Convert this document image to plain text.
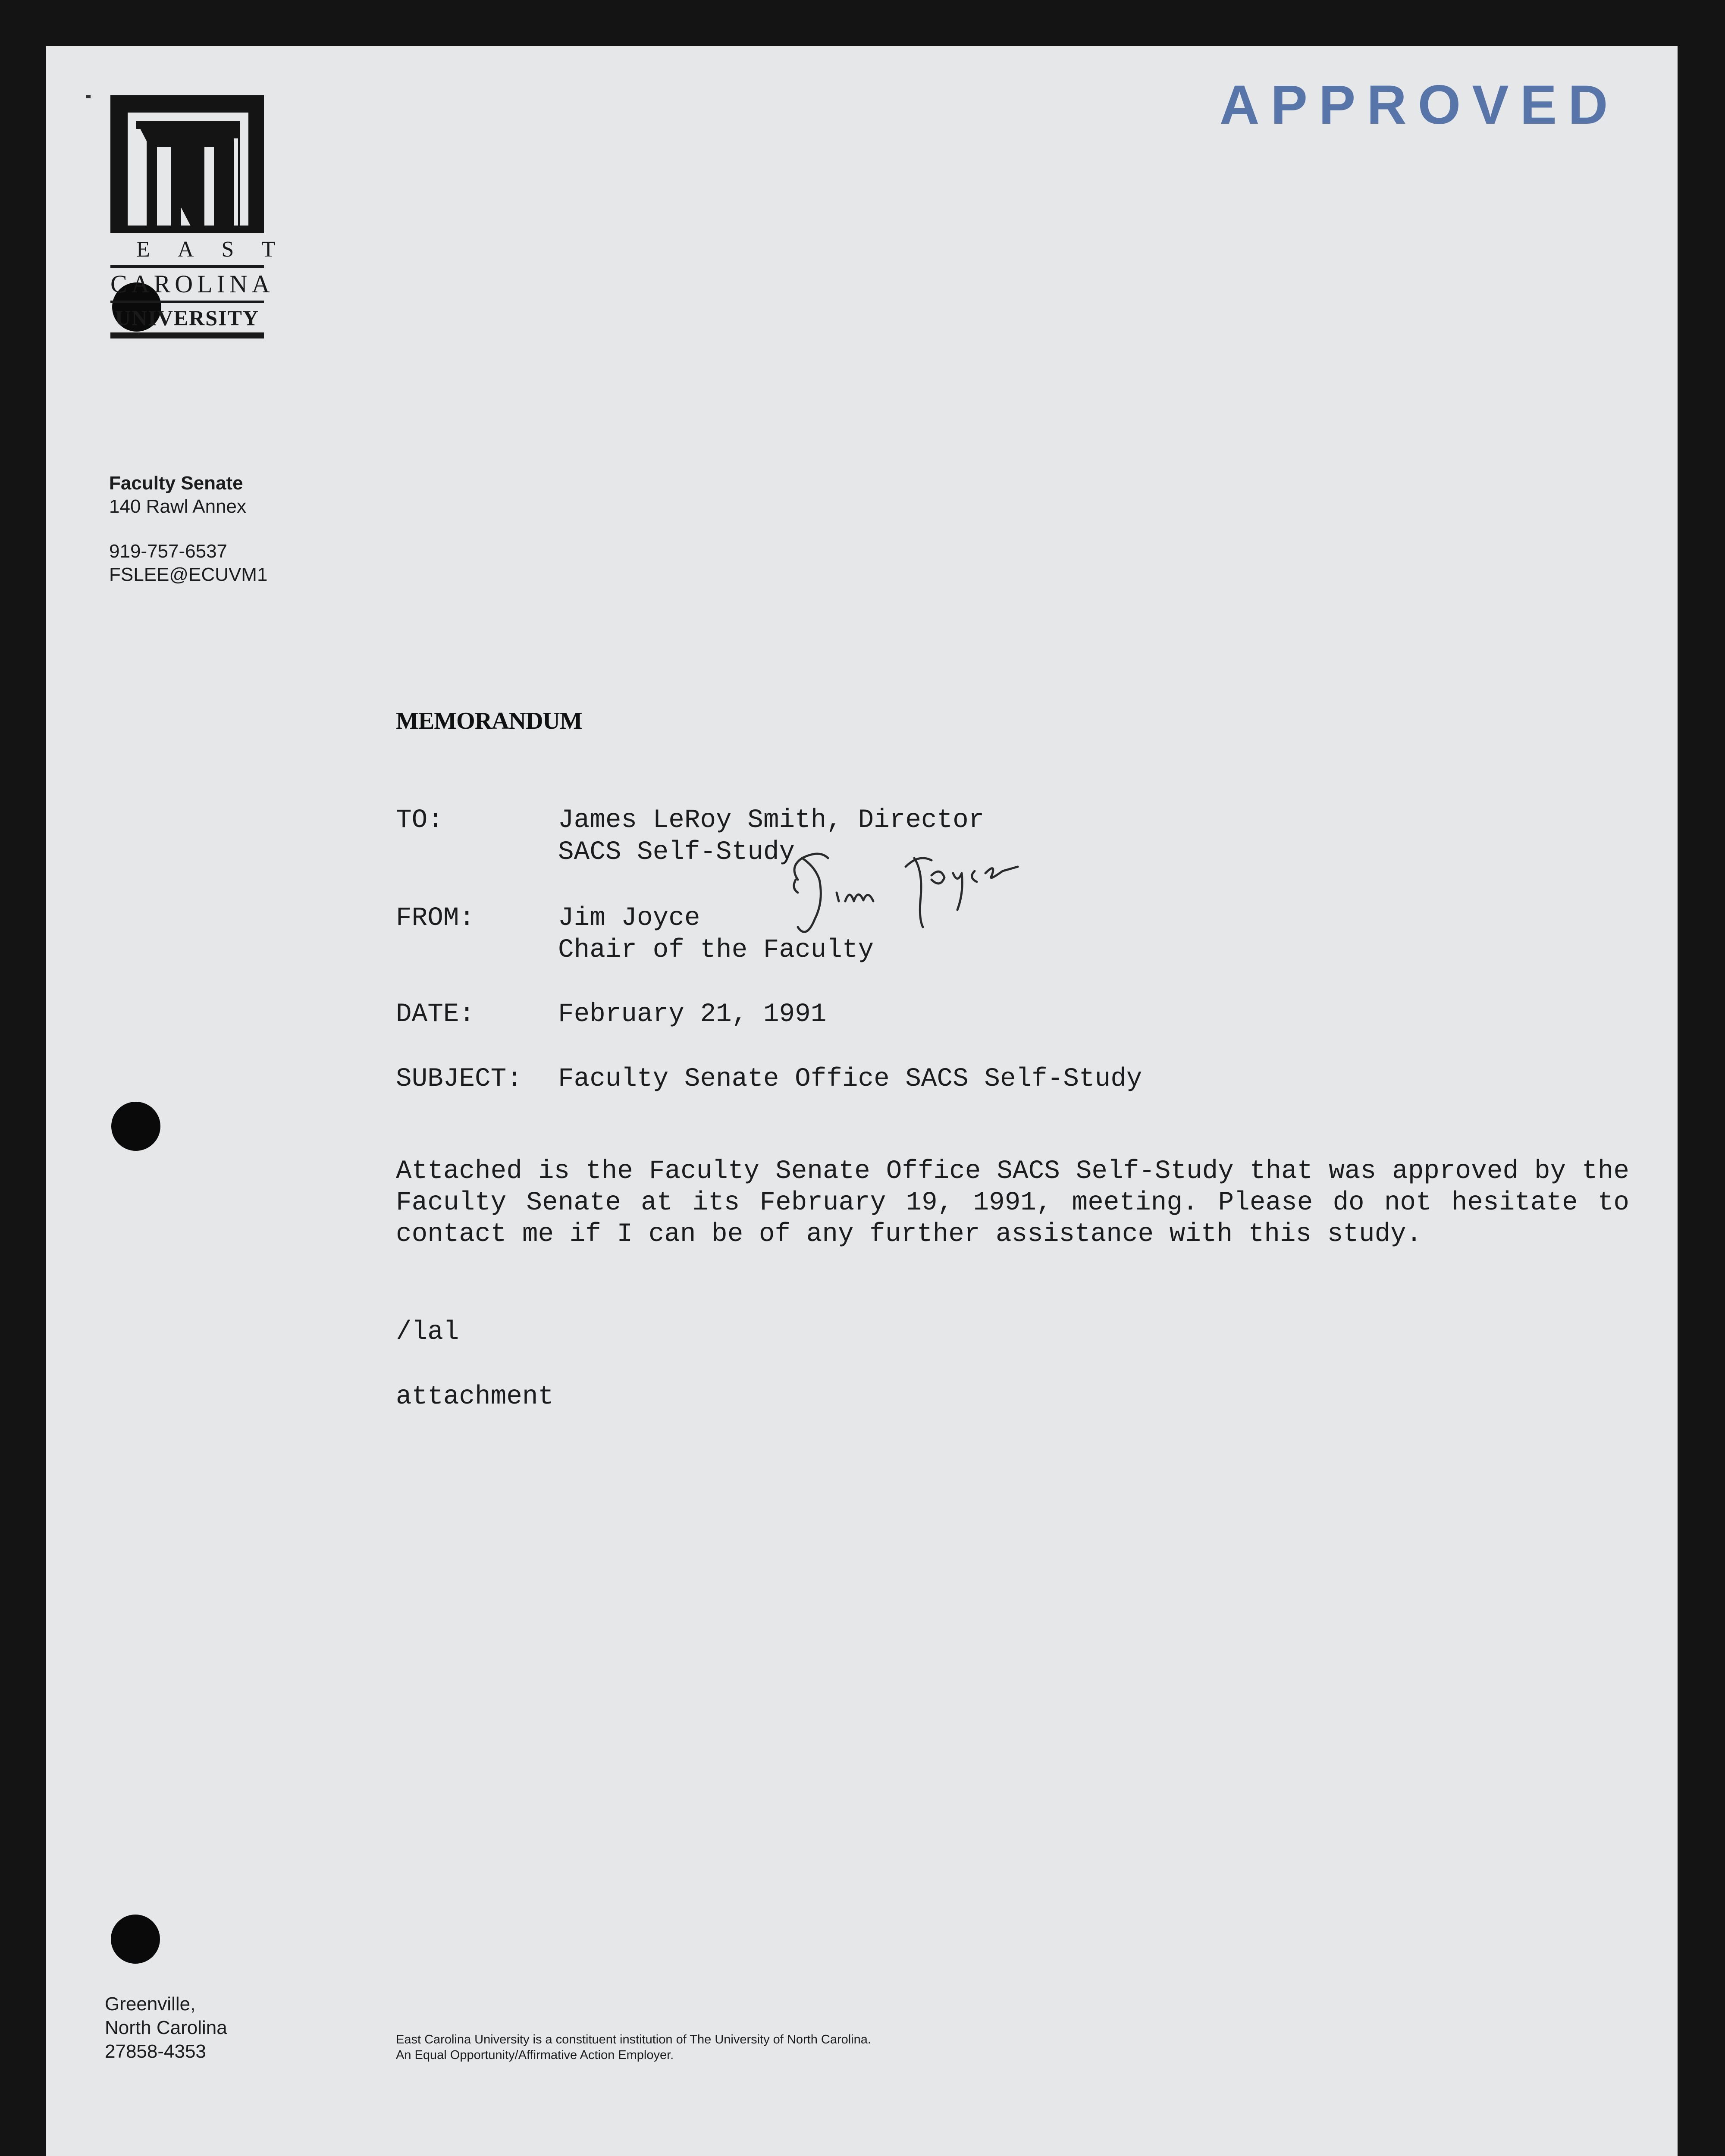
EAST
CAROLINA
UNIVERSITY
Faculty Senate
140 Rawl Annex
919-757-6537
FSLEE@ECUVM1
APPROVED
MEMORANDUM
TO:	James LeRoy Smith, Director
SACS Self-Study
FROM:	Jim Joyce
Chair of the Faculty
DATE:	February 21, 1991
SUBJECT: Faculty Senate Office SACS Self-Study
Attached is the Faculty Senate Office SACS Self-Study that was approved by the Faculty Senate at its February 19, 1991, meeting. Please do not hesitate to contact me if I can be of any further assistance with this study.
/lal
attachment
Greenville,
North Carolina
27858-4353
East Carolina University is a constituent institution of The University of North Carolina.
An Equal Opportunity/Affirmative Action Employer.
